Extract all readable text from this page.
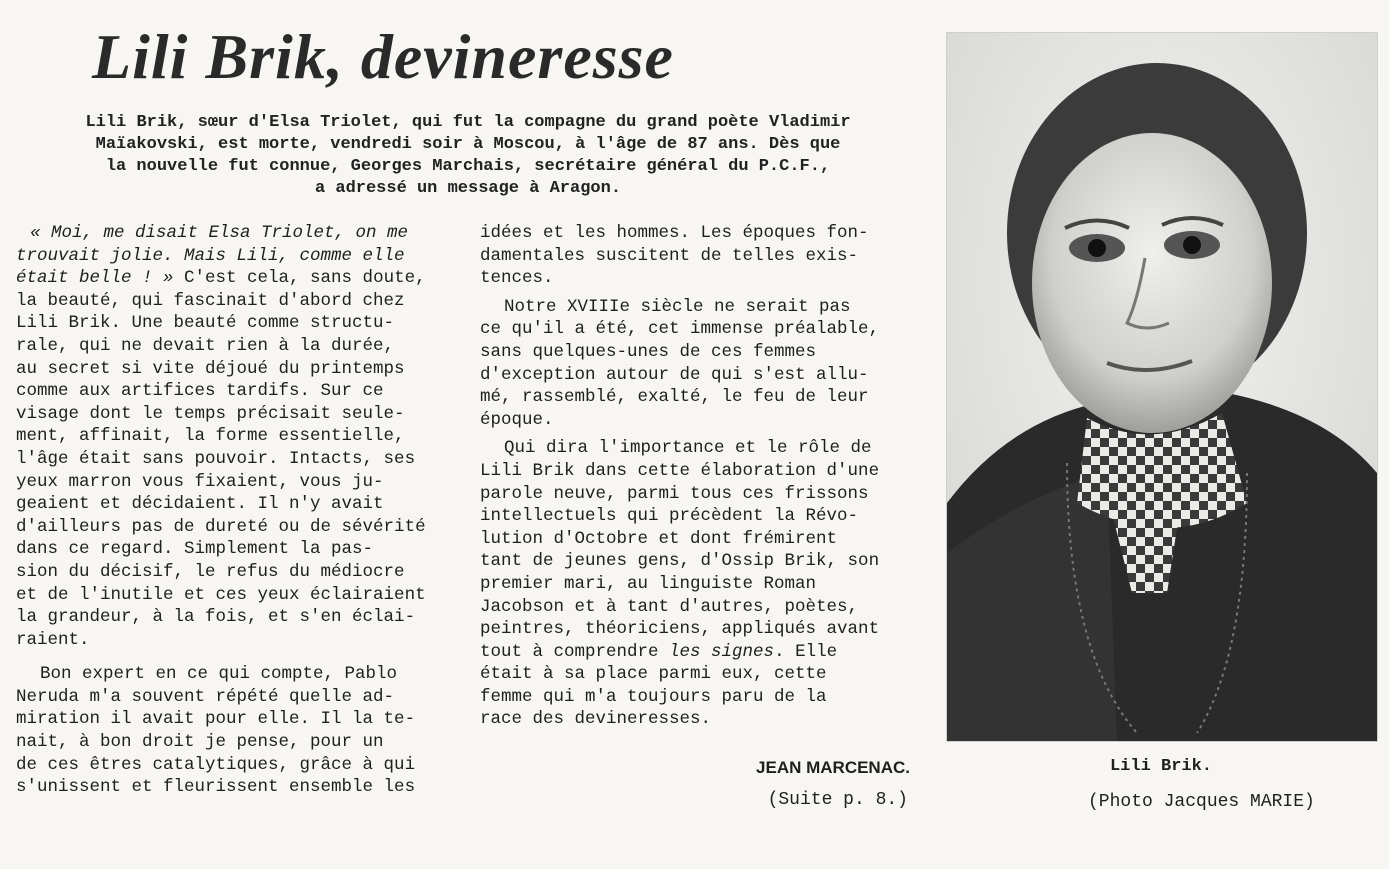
Lili Brik, devineresse
Lili Brik, sœur d'Elsa Triolet, qui fut la compagne du grand poète Vladimir
Maïakovski, est morte, vendredi soir à Moscou, à l'âge de 87 ans. Dès que
la nouvelle fut connue, Georges Marchais, secrétaire général du P.C.F.,
a adressé un message à Aragon.
« Moi, me disait Elsa Triolet, on me
trouvait jolie. Mais Lili, comme elle
était belle ! » C'est cela, sans doute,
la beauté, qui fascinait d'abord chez
Lili Brik. Une beauté comme structu-
rale, qui ne devait rien à la durée,
au secret si vite déjoué du printemps
comme aux artifices tardifs. Sur ce
visage dont le temps précisait seule-
ment, affinait, la forme essentielle,
l'âge était sans pouvoir. Intacts, ses
yeux marron vous fixaient, vous ju-
geaient et décidaient. Il n'y avait
d'ailleurs pas de dureté ou de sévérité
dans ce regard. Simplement la pas-
sion du décisif, le refus du médiocre
et de l'inutile et ces yeux éclairaient
la grandeur, à la fois, et s'en éclai-
raient.
Bon expert en ce qui compte, Pablo
Neruda m'a souvent répété quelle ad-
miration il avait pour elle. Il la te-
nait, à bon droit je pense, pour un
de ces êtres catalytiques, grâce à qui
s'unissent et fleurissent ensemble les
idées et les hommes. Les époques fon-
damentales suscitent de telles exis-
tences.
Notre XVIIIe siècle ne serait pas
ce qu'il a été, cet immense préalable,
sans quelques-unes de ces femmes
d'exception autour de qui s'est allu-
mé, rassemblé, exalté, le feu de leur
époque.
Qui dira l'importance et le rôle de
Lili Brik dans cette élaboration d'une
parole neuve, parmi tous ces frissons
intellectuels qui précèdent la Révo-
lution d'Octobre et dont frémirent
tant de jeunes gens, d'Ossip Brik, son
premier mari, au linguiste Roman
Jacobson et à tant d'autres, poètes,
peintres, théoriciens, appliqués avant
tout à comprendre les signes. Elle
était à sa place parmi eux, cette
femme qui m'a toujours paru de la
race des devineresses.
JEAN MARCENAC.
(Suite p. 8.)
Lili Brik.
(Photo Jacques MARIE)
